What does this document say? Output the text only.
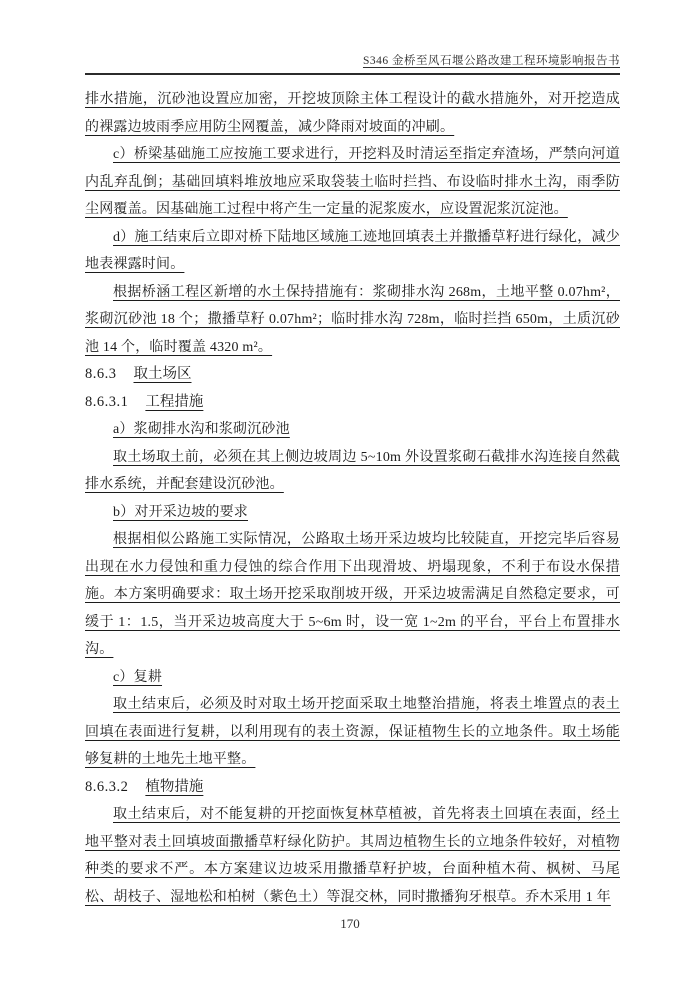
S346 金桥至风石堰公路改建工程环境影响报告书

排水措施，沉砂池设置应加密，开挖坡顶除主体工程设计的截水措施外，对开挖造成的裸露边坡雨季应用防尘网覆盖，减少降雨对坡面的冲刷。

c）桥梁基础施工应按施工要求进行，开挖料及时清运至指定弃渣场，严禁向河道内乱弃乱倒；基础回填料堆放地应采取袋装土临时拦挡、布设临时排水土沟，雨季防尘网覆盖。因基础施工过程中将产生一定量的泥浆废水，应设置泥浆沉淀池。

d）施工结束后立即对桥下陆地区域施工迹地回填表土并撒播草籽进行绿化，减少地表裸露时间。

根据桥涵工程区新增的水土保持措施有：浆砌排水沟 268m，土地平整 0.07hm²，浆砌沉砂池 18 个；撒播草籽 0.07hm²；临时排水沟 728m，临时拦挡 650m，土质沉砂池 14 个，临时覆盖 4320 m²。

8.6.3 取土场区

8.6.3.1 工程措施

a）浆砌排水沟和浆砌沉砂池

取土场取土前，必须在其上侧边坡周边 5~10m 外设置浆砌石截排水沟连接自然截排水系统，并配套建设沉砂池。

b）对开采边坡的要求

根据相似公路施工实际情况，公路取土场开采边坡均比较陡直，开挖完毕后容易出现在水力侵蚀和重力侵蚀的综合作用下出现滑坡、坍塌现象，不利于布设水保措施。本方案明确要求：取土场开挖采取削坡开级，开采边坡需满足自然稳定要求，可缓于 1：1.5，当开采边坡高度大于 5~6m 时，设一宽 1~2m 的平台，平台上布置排水沟。

c）复耕

取土结束后，必须及时对取土场开挖面采取土地整治措施，将表土堆置点的表土回填在表面进行复耕，以利用现有的表土资源，保证植物生长的立地条件。取土场能够复耕的土地先土地平整。

8.6.3.2 植物措施

取土结束后，对不能复耕的开挖面恢复林草植被，首先将表土回填在表面，经土地平整对表土回填坡面撒播草籽绿化防护。其周边植物生长的立地条件较好，对植物种类的要求不严。本方案建议边坡采用撒播草籽护坡，台面种植木荷、枫树、马尾松、胡枝子、湿地松和柏树（紫色土）等混交林，同时撒播狗牙根草。乔木采用 1 年

170
